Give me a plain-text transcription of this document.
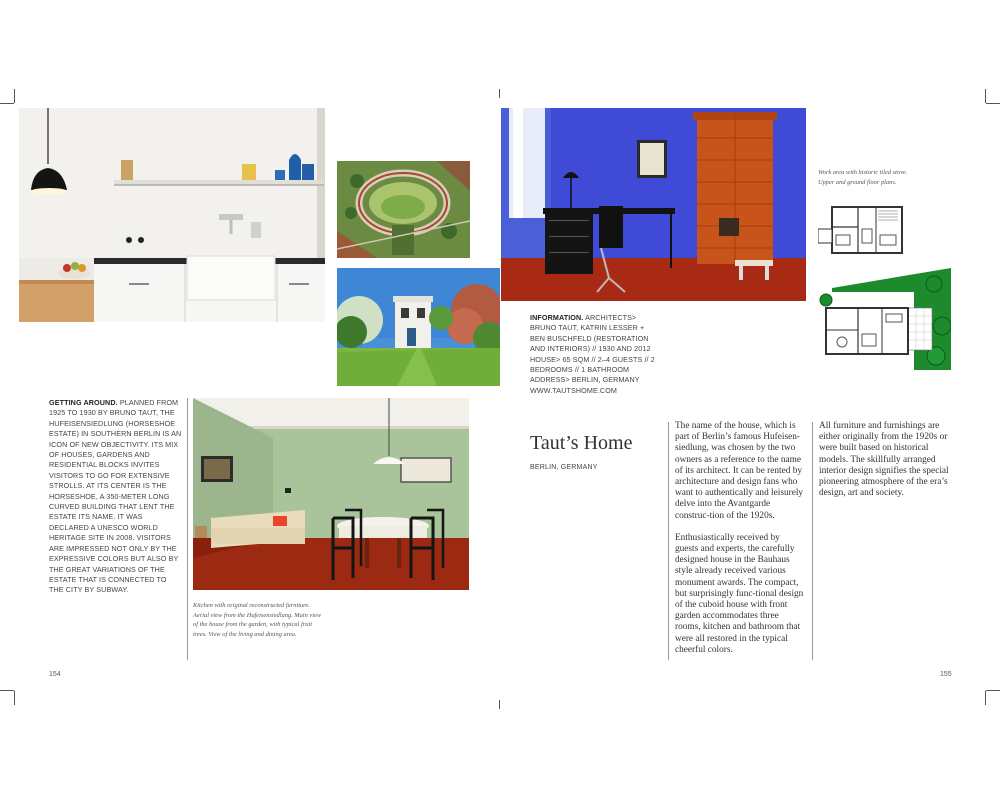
GETTING AROUND. PLANNED FROM 1925 TO 1930 BY BRUNO TAUT, THE HUFEISENSIEDLUNG (HORSESHOE ESTATE) IN SOUTHERN BERLIN IS AN ICON OF NEW OBJECTIVITY. ITS MIX OF HOUSES, GARDENS AND RESIDENTIAL BLOCKS INVITES VISITORS TO GO FOR EXTENSIVE STROLLS. AT ITS CENTER IS THE HORSESHOE, A 350-METER LONG CURVED BUILDING THAT LENT THE ESTATE ITS NAME. IT WAS DECLARED A UNESCO WORLD HERITAGE SITE IN 2008. VISITORS ARE IMPRESSED NOT ONLY BY THE EXPRESSIVE COLORS BUT ALSO BY THE GREAT VARIATIONS OF THE ESTATE THAT IS CONNECTED TO THE CITY BY SUBWAY.
Kitchen with original reconstructed furniture. Aerial view from the Hufeisensiedlung. Main view of the house from the garden, with typical fruit trees. View of the living and dining area.
154	155
INFORMATION. ARCHITECTS> BRUNO TAUT, KATRIN LESSER + BEN BUSCHFELD (RESTORATION AND INTERIORS) // 1930 AND 2012 HOUSE> 65 SQM // 2–4 GUESTS // 2 BEDROOMS // 1 BATHROOM ADDRESS> BERLIN, GERMANY WWW.TAUTSHOME.COM
Work area with historic tiled stove. Upper and ground floor plans.
Taut’s Home
BERLIN, GERMANY

The name of the house, which is part of Berlin’s famous Hufeisen-siedlung, was chosen by the two owners as a reference to the name of its architect. It can be rented by architecture and design fans who want to authentically and leisurely delve into the Avantgarde construc-tion of the 1920s.

Enthusiastically received by guests and experts, the carefully designed house in the Bauhaus style already received various monument awards. The compact, but surprisingly func-tional design of the cuboid house with front garden accommodates three rooms, kitchen and bathroom that were all restored in the typical cheerful colors.

All furniture and furnishings are either originally from the 1920s or were built based on historical models. The skillfully arranged interior design signifies the special pioneering atmosphere of the era’s design, art and society.
